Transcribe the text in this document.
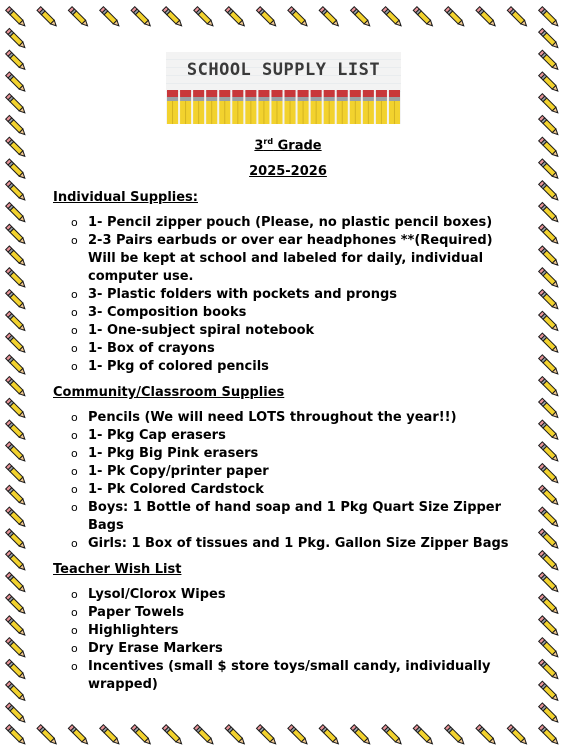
SCHOOL SUPPLY LIST

3rd Grade

2025-2026

Individual Supplies:

o 1- Pencil zipper pouch (Please, no plastic pencil boxes)
o 2-3 Pairs earbuds or over ear headphones **(Required) Will be kept at school and labeled for daily, individual computer use.
o 3- Plastic folders with pockets and prongs
o 3- Composition books
o 1- One-subject spiral notebook
o 1- Box of crayons
o 1- Pkg of colored pencils

Community/Classroom Supplies

o Pencils (We will need LOTS throughout the year!!)
o 1- Pkg Cap erasers
o 1- Pkg Big Pink erasers
o 1- Pk Copy/printer paper
o 1- Pk Colored Cardstock
o Boys: 1 Bottle of hand soap and 1 Pkg Quart Size Zipper Bags
o Girls: 1 Box of tissues and 1 Pkg. Gallon Size Zipper Bags

Teacher Wish List

o Lysol/Clorox Wipes
o Paper Towels
o Highlighters
o Dry Erase Markers
o Incentives (small $ store toys/small candy, individually wrapped)
